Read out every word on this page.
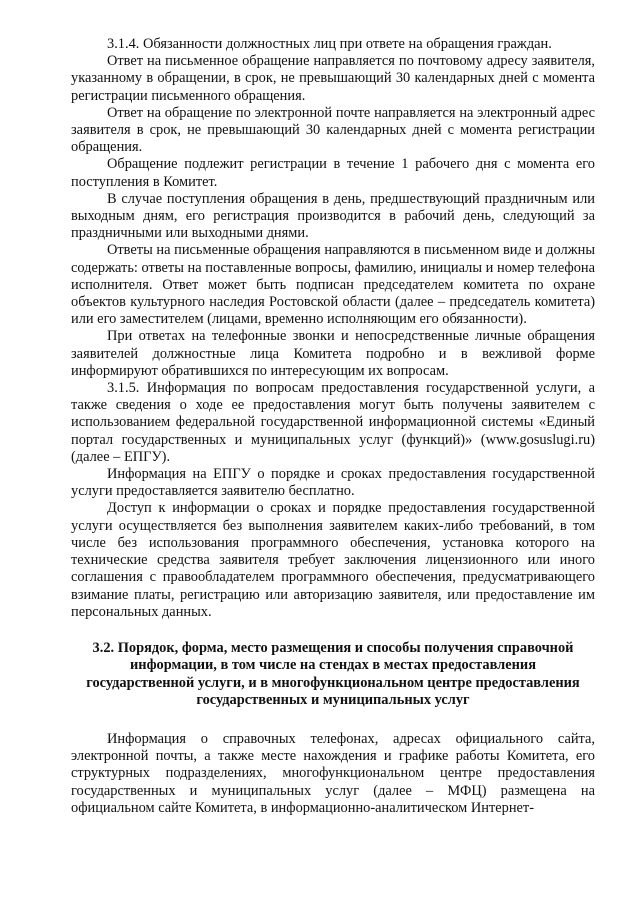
3.1.4. Обязанности должностных лиц при ответе на обращения граждан.

Ответ на письменное обращение направляется по почтовому адресу заявителя, указанному в обращении, в срок, не превышающий 30 календарных дней с момента регистрации письменного обращения.

Ответ на обращение по электронной почте направляется на электронный адрес заявителя в срок, не превышающий 30 календарных дней с момента регистрации обращения.

Обращение подлежит регистрации в течение 1 рабочего дня с момента его поступления в Комитет.

В случае поступления обращения в день, предшествующий праздничным или выходным дням, его регистрация производится в рабочий день, следующий за праздничными или выходными днями.

Ответы на письменные обращения направляются в письменном виде и должны содержать: ответы на поставленные вопросы, фамилию, инициалы и номер телефона исполнителя. Ответ может быть подписан председателем комитета по охране объектов культурного наследия Ростовской области (далее – председатель комитета) или его заместителем (лицами, временно исполняющим его обязанности).

При ответах на телефонные звонки и непосредственные личные обращения заявителей должностные лица Комитета подробно и в вежливой форме информируют обратившихся по интересующим их вопросам.

3.1.5. Информация по вопросам предоставления государственной услуги, а также сведения о ходе ее предоставления могут быть получены заявителем с использованием федеральной государственной информационной системы «Единый портал государственных и муниципальных услуг (функций)» (www.gosuslugi.ru) (далее – ЕПГУ).

Информация на ЕПГУ о порядке и сроках предоставления государственной услуги предоставляется заявителю бесплатно.

Доступ к информации о сроках и порядке предоставления государственной услуги осуществляется без выполнения заявителем каких-либо требований, в том числе без использования программного обеспечения, установка которого на технические средства заявителя требует заключения лицензионного или иного соглашения с правообладателем программного обеспечения, предусматривающего взимание платы, регистрацию или авторизацию заявителя, или предоставление им персональных данных.

3.2. Порядок, форма, место размещения и способы получения справочной информации, в том числе на стендах в местах предоставления государственной услуги, и в многофункциональном центре предоставления государственных и муниципальных услуг

Информация о справочных телефонах, адресах официального сайта, электронной почты, а также месте нахождения и графике работы Комитета, его структурных подразделениях, многофункциональном центре предоставления государственных и муниципальных услуг (далее – МФЦ) размещена на официальном сайте Комитета, в информационно-аналитическом Интернет-
